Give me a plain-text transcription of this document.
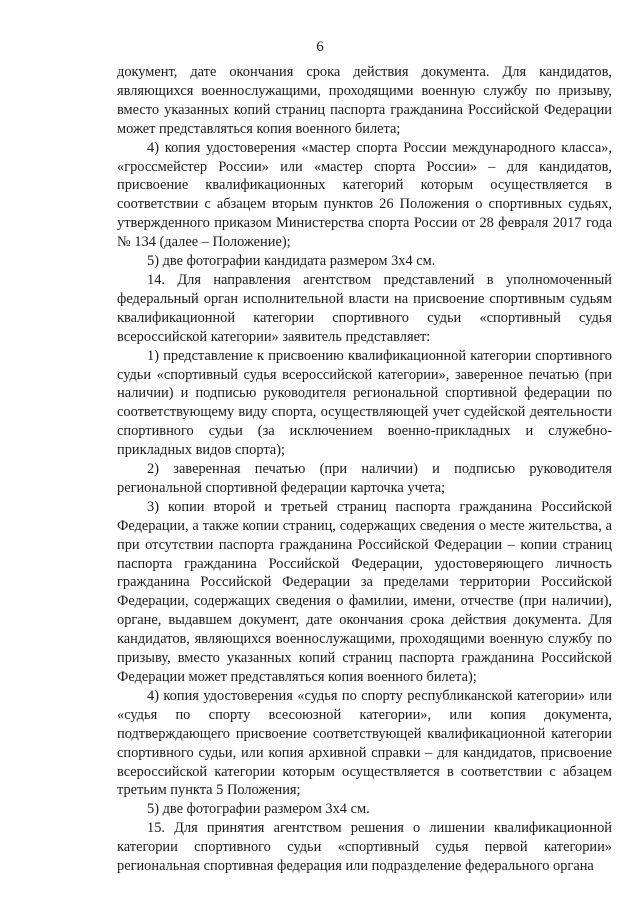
6

документ, дате окончания срока действия документа. Для кандидатов, являющихся военнослужащими, проходящими военную службу по призыву, вместо указанных копий страниц паспорта гражданина Российской Федерации может представляться копия военного билета;

4) копия удостоверения «мастер спорта России международного класса», «гроссмейстер России» или «мастер спорта России» – для кандидатов, присвоение квалификационных категорий которым осуществляется в соответствии с абзацем вторым пунктов 26 Положения о спортивных судьях, утвержденного приказом Министерства спорта России от 28 февраля 2017 года № 134 (далее – Положение);

5) две фотографии кандидата размером 3х4 см.

14. Для направления агентством представлений в уполномоченный федеральный орган исполнительной власти на присвоение спортивным судьям квалификационной категории спортивного судьи «спортивный судья всероссийской категории» заявитель представляет:

1) представление к присвоению квалификационной категории спортивного судьи «спортивный судья всероссийской категории», заверенное печатью (при наличии) и подписью руководителя региональной спортивной федерации по соответствующему виду спорта, осуществляющей учет судейской деятельности спортивного судьи (за исключением военно-прикладных и служебно-прикладных видов спорта);

2) заверенная печатью (при наличии) и подписью руководителя региональной спортивной федерации карточка учета;

3) копии второй и третьей страниц паспорта гражданина Российской Федерации, а также копии страниц, содержащих сведения о месте жительства, а при отсутствии паспорта гражданина Российской Федерации – копии страниц паспорта гражданина Российской Федерации, удостоверяющего личность гражданина Российской Федерации за пределами территории Российской Федерации, содержащих сведения о фамилии, имени, отчестве (при наличии), органе, выдавшем документ, дате окончания срока действия документа. Для кандидатов, являющихся военнослужащими, проходящими военную службу по призыву, вместо указанных копий страниц паспорта гражданина Российской Федерации может представляться копия военного билета);

4) копия удостоверения «судья по спорту республиканской категории» или «судья по спорту всесоюзной категории», или копия документа, подтверждающего присвоение соответствующей квалификационной категории спортивного судьи, или копия архивной справки – для кандидатов, присвоение всероссийской категории которым осуществляется в соответствии с абзацем третьим пункта 5 Положения;

5) две фотографии размером 3х4 см.

15. Для принятия агентством решения о лишении квалификационной категории спортивного судьи «спортивный судья первой категории» региональная спортивная федерация или подразделение федерального органа
